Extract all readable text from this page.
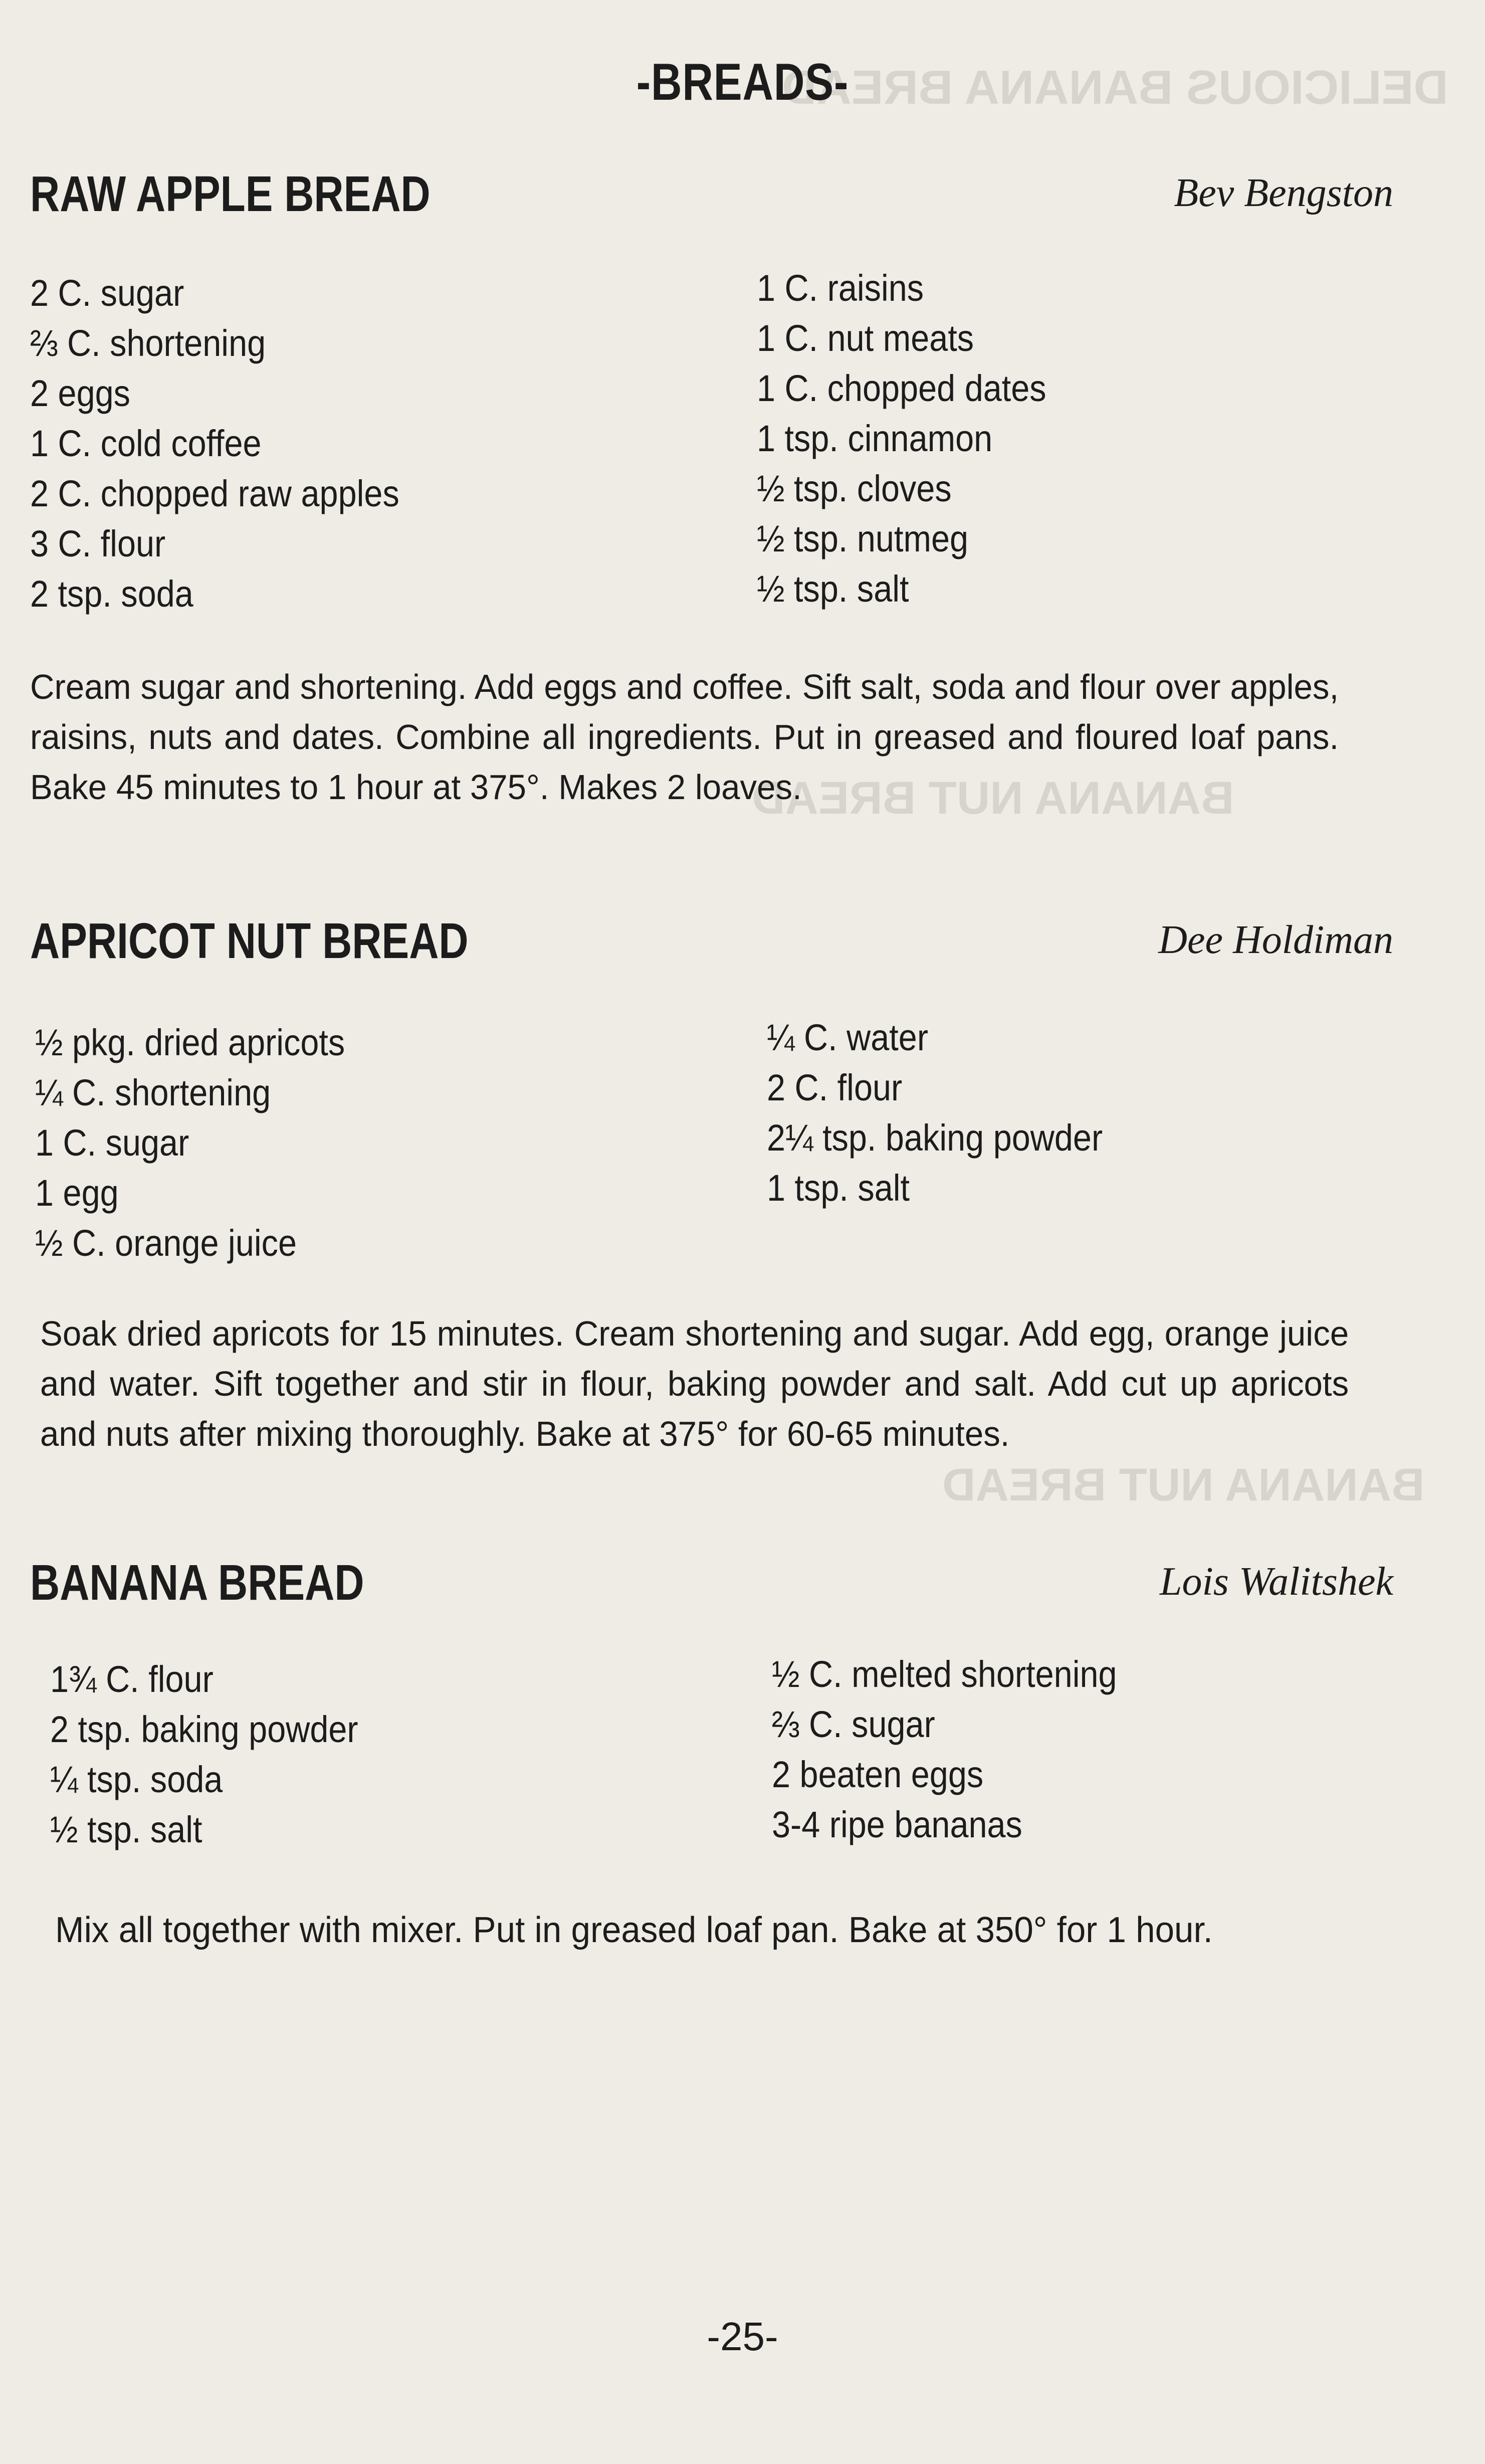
DELICIOUS BANANA BREAD
BANANA NUT BREAD
BANANA NUT BREAD
-BREADS-
RAW APPLE BREAD	Bev Bengston
2 C. sugar
⅔ C. shortening
2 eggs
1 C. cold coffee
2 C. chopped raw apples
3 C. flour
2 tsp. soda
1 C. raisins
1 C. nut meats
1 C. chopped dates
1 tsp. cinnamon
½ tsp. cloves
½ tsp. nutmeg
½ tsp. salt
Cream sugar and shortening. Add eggs and coffee. Sift salt, soda and flour over apples, raisins, nuts and dates. Combine all ingredients. Put in greased and floured loaf pans. Bake 45 minutes to 1 hour at 375°. Makes 2 loaves.
APRICOT NUT BREAD	Dee Holdiman
½ pkg. dried apricots
¼ C. shortening
1 C. sugar
1 egg
½ C. orange juice
¼ C. water
2 C. flour
2¼ tsp. baking powder
1 tsp. salt
Soak dried apricots for 15 minutes. Cream shortening and sugar. Add egg, orange juice and water. Sift together and stir in flour, baking powder and salt. Add cut up apricots and nuts after mixing thoroughly. Bake at 375° for 60-65 minutes.
BANANA BREAD	Lois Walitshek
1¾ C. flour
2 tsp. baking powder
¼ tsp. soda
½ tsp. salt
½ C. melted shortening
⅔ C. sugar
2 beaten eggs
3-4 ripe bananas
Mix all together with mixer. Put in greased loaf pan. Bake at 350° for 1 hour.
-25-
